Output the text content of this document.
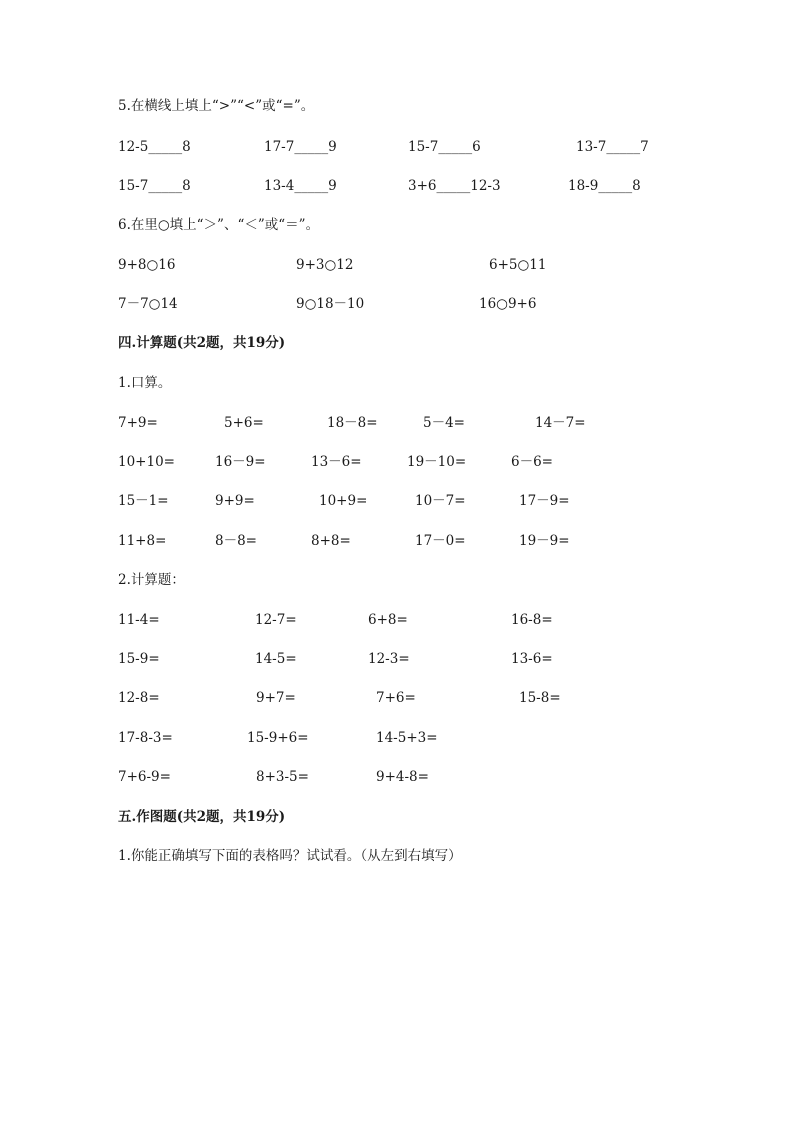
5.在横线上填上“>”“<”或“=”。
12-5_____8	17-7_____9	15-7_____6	13-7_____7
15-7_____8	13-4_____9	3+6_____12-3	18-9_____8
6.在里○填上“＞”、“＜”或“＝”。
9+8○16	9+3○12	6+5○11
7－7○14	9○18－10	16○9+6
四.计算题(共2题，共19分)
1.口算。
7+9=	5+6=	18－8=	5－4=	14－7=
10+10=	16－9=	13－6=	19－10=	6－6=
15－1=	9+9=	10+9=	10－7=	17－9=
11+8=	8－8=	8+8=	17－0=	19－9=
2.计算题：
11-4=	12-7=	6+8=	16-8=
15-9=	14-5=	12-3=	13-6=
12-8=	9+7=	7+6=	15-8=
17-8-3=	15-9+6=	14-5+3=
7+6-9=	8+3-5=	9+4-8=
五.作图题(共2题，共19分)
1.你能正确填写下面的表格吗？试试看。（从左到右填写）
